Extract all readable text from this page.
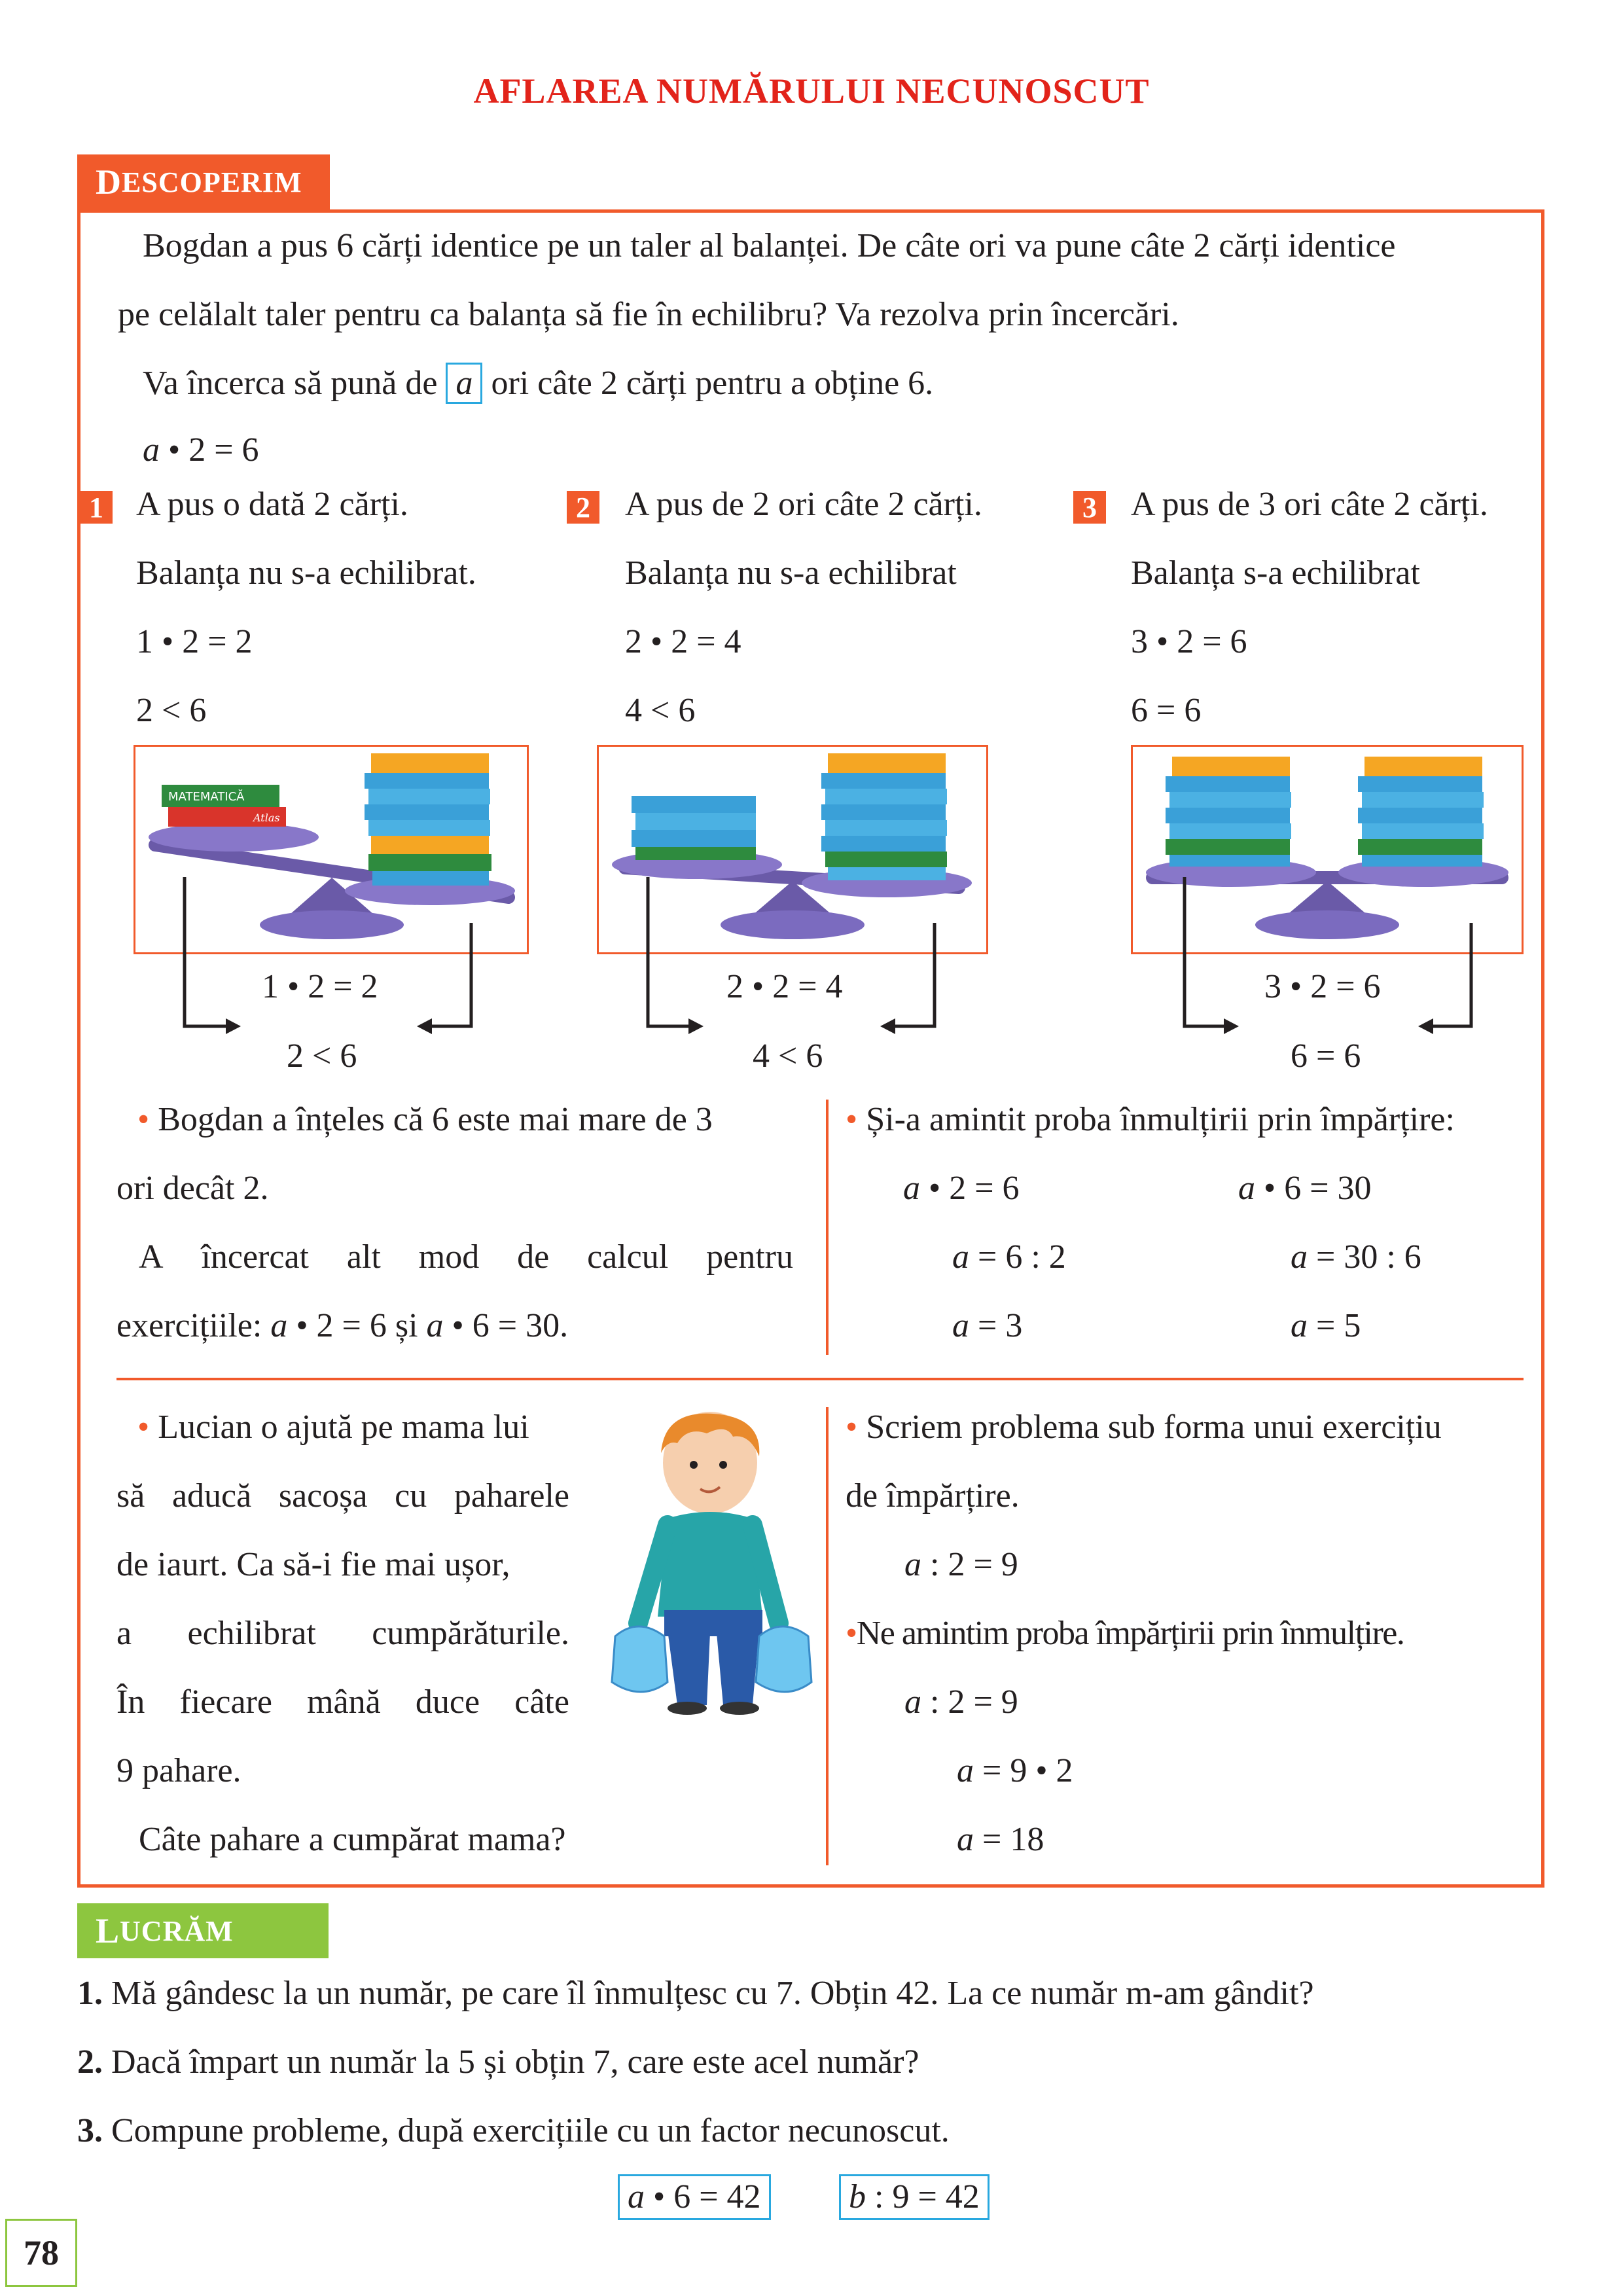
AFLAREA NUMĂRULUI NECUNOSCUT
D ESCOPERIM
Bogdan a pus 6 cărți identice pe un taler al balanței. De câte ori va pune câte 2 cărți identice
pe celălalt taler pentru ca balanța să fie în echilibru? Va rezolva prin încercări.
Va încerca să pună de a ori câte 2 cărți pentru a obține 6.
a • 2 = 6
1 A pus o dată 2 cărți.
Balanța nu s-a echilibrat.
1 • 2 = 2
2 < 6
2 A pus de 2 ori câte 2 cărți.
Balanța nu s-a echilibrat
2 • 2 = 4
4 < 6
3 A pus de 3 ori câte 2 cărți.
Balanța s-a echilibrat
3 • 2 = 6
6 = 6
MATEMATICĂ
Atlas
1 • 2 = 2
2 < 6
2 • 2 = 4
4 < 6
3 • 2 = 6
6 = 6
• Bogdan a înțeles că 6 este mai mare de 3
ori decât 2.
A încercat alt mod de calcul pentru
exercițiile: a • 2 = 6 și a • 6 = 30.
• Și-a amintit proba înmulțirii prin împărțire:
a • 2 = 6
a = 6 : 2
a = 3
a • 6 = 30
a = 30 : 6
a = 5
• Lucian o ajută pe mama lui
să aducă sacoșa cu paharele
de iaurt. Ca să-i fie mai ușor,
a echilibrat cumpărăturile.
În fiecare mână duce câte
9 pahare.
Câte pahare a cumpărat mama?
• Scriem problema sub forma unui exercițiu
de împărțire.
a : 2 = 9
•Ne amintim proba împărțirii prin înmulțire.
a : 2 = 9
a = 9 • 2
a = 18
L UCRĂM
1. Mă gândesc la un număr, pe care îl înmulțesc cu 7. Obțin 42. La ce număr m-am gândit?
2. Dacă împart un număr la 5 și obțin 7, care este acel număr?
3. Compune probleme, după exercițiile cu un factor necunoscut.
a • 6 = 42	b : 9 = 42
78
